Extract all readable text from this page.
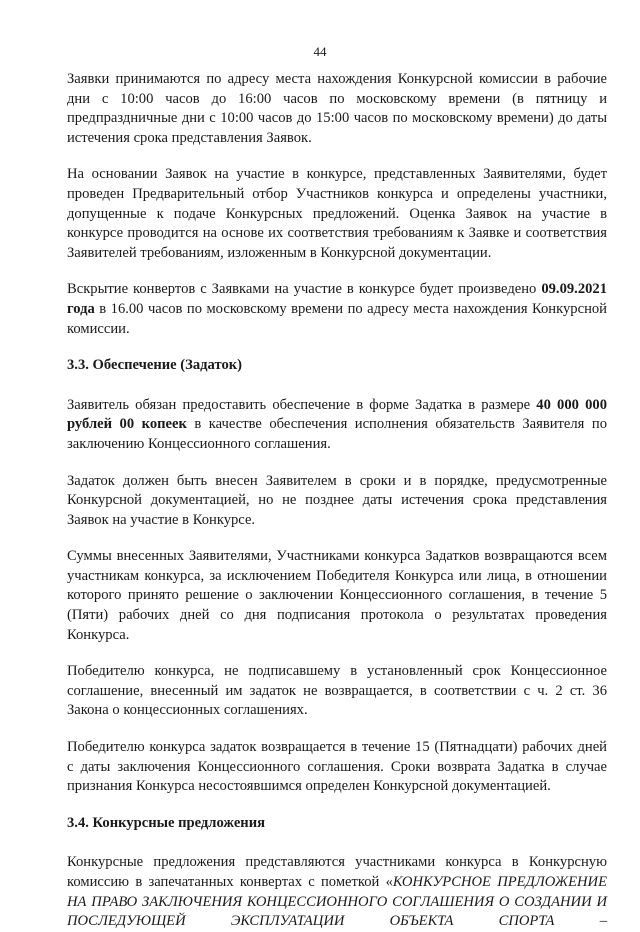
44

Заявки принимаются по адресу места нахождения Конкурсной комиссии в рабочие дни с 10:00 часов до 16:00 часов по московскому времени (в пятницу и предпраздничные дни с 10:00 часов до 15:00 часов по московскому времени) до даты истечения срока представления Заявок.

На основании Заявок на участие в конкурсе, представленных Заявителями, будет проведен Предварительный отбор Участников конкурса и определены участники, допущенные к подаче Конкурсных предложений. Оценка Заявок на участие в конкурсе проводится на основе их соответствия требованиям к Заявке и соответствия Заявителей требованиям, изложенным в Конкурсной документации.

Вскрытие конвертов с Заявками на участие в конкурсе будет произведено 09.09.2021 года в 16.00 часов по московскому времени по адресу места нахождения Конкурсной комиссии.

3.3. Обеспечение (Задаток)

Заявитель обязан предоставить обеспечение в форме Задатка в размере 40 000 000 рублей 00 копеек в качестве обеспечения исполнения обязательств Заявителя по заключению Концессионного соглашения.

Задаток должен быть внесен Заявителем в сроки и в порядке, предусмотренные Конкурсной документацией, но не позднее даты истечения срока представления Заявок на участие в Конкурсе.

Суммы внесенных Заявителями, Участниками конкурса Задатков возвращаются всем участникам конкурса, за исключением Победителя Конкурса или лица, в отношении которого принято решение о заключении Концессионного соглашения, в течение 5 (Пяти) рабочих дней со дня подписания протокола о результатах проведения Конкурса.

Победителю конкурса, не подписавшему в установленный срок Концессионное соглашение, внесенный им задаток не возвращается, в соответствии с ч. 2 ст. 36 Закона о концессионных соглашениях.

Победителю конкурса задаток возвращается в течение 15 (Пятнадцати) рабочих дней с даты заключения Концессионного соглашения. Сроки возврата Задатка в случае признания Конкурса несостоявшимся определен Конкурсной документацией.

3.4. Конкурсные предложения

Конкурсные предложения представляются участниками конкурса в Конкурсную комиссию в запечатанных конвертах с пометкой «КОНКУРСНОЕ ПРЕДЛОЖЕНИЕ НА ПРАВО ЗАКЛЮЧЕНИЯ КОНЦЕССИОННОГО СОГЛАШЕНИЯ О СОЗДАНИИ И ПОСЛЕДУЮЩЕЙ ЭКСПЛУАТАЦИИ ОБЪЕКТА СПОРТА –
